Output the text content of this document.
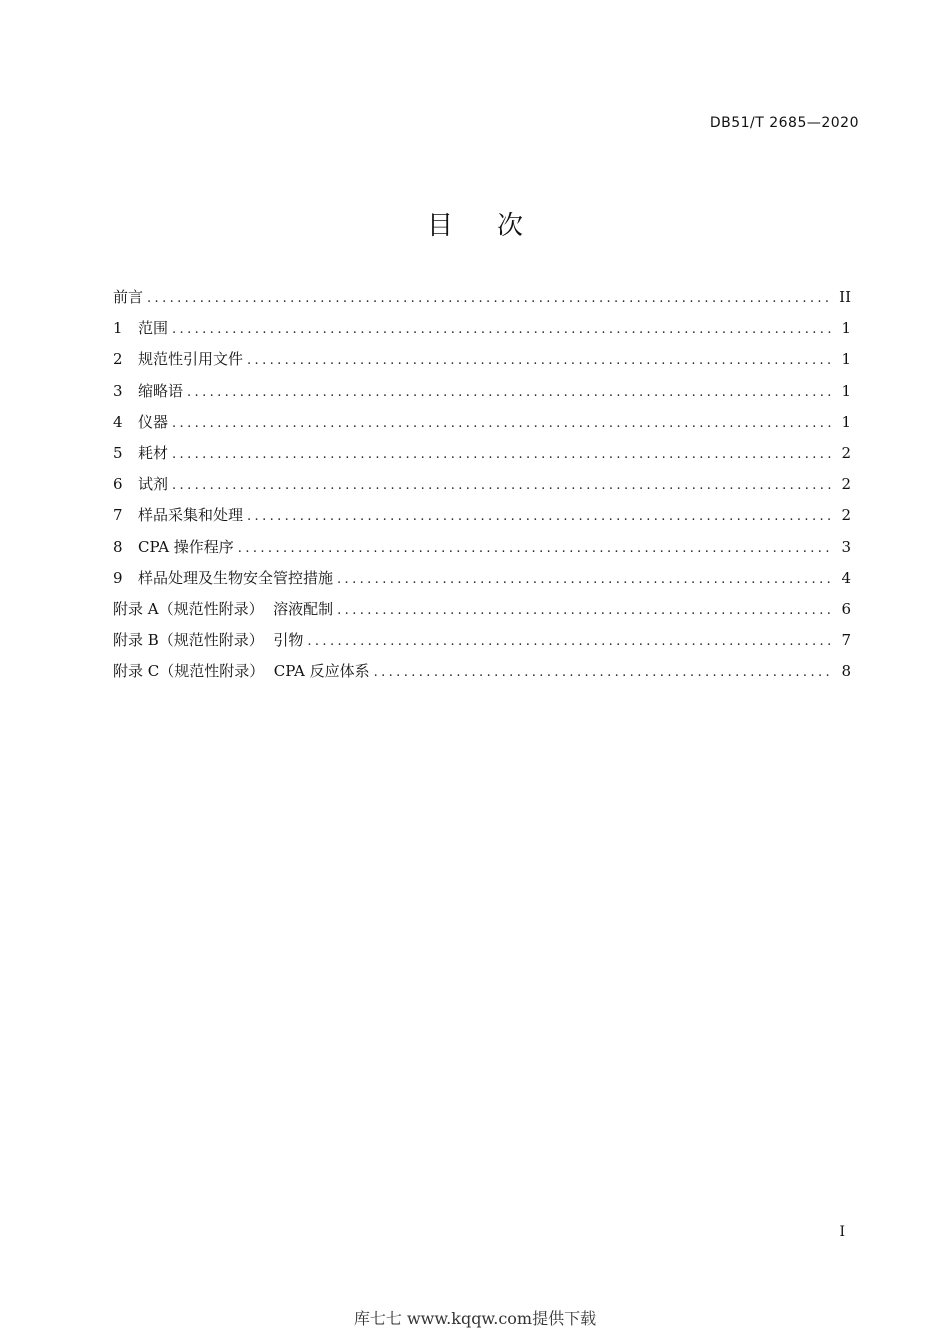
DB51/T 2685—2020
目次
前言 .....	II
1	范围 .....	1
2	规范性引用文件 .....	1
3	缩略语 .....	1
4	仪器 .....	1
5	耗材 .....	2
6	试剂 .....	2
7	样品采集和处理 .....	2
8	CPA 操作程序 .....	3
9	样品处理及生物安全管控措施 .....	4
附录 A（规范性附录）  溶液配制 .....	6
附录 B（规范性附录）  引物 .....	7
附录 C（规范性附录）  CPA 反应体系 .....	8
I
库七七 www.kqqw.com提供下载
